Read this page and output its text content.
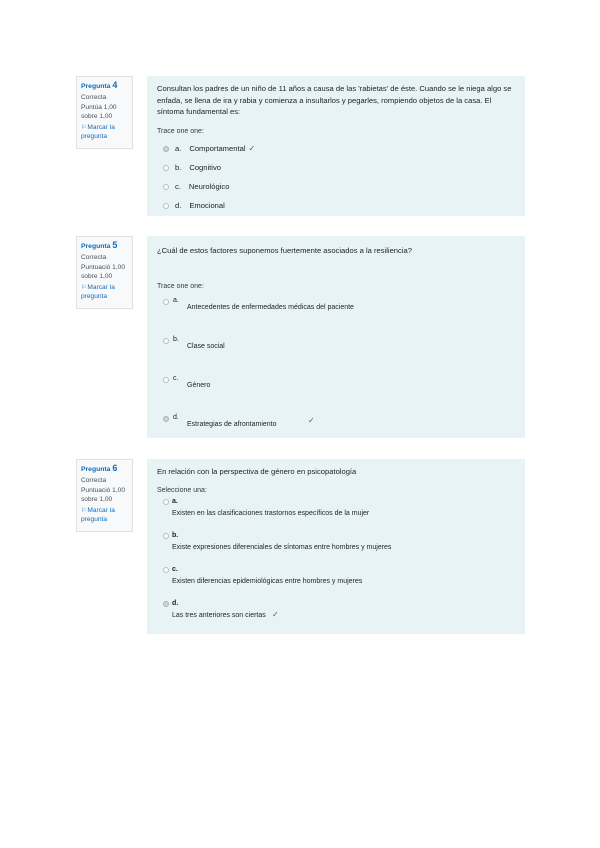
Pregunta 4
Correcta
Puntúa 1,00 sobre 1,00
⚐Marcar la pregunta

Consultan los padres de un niño de 11 años a causa de las 'rabietas' de éste. Cuando se le niega algo se enfada, se llena de ira y rabia y comienza a insultarlos y pegarles, rompiendo objetos de la casa. El síntoma fundamental es:

Trace one one:
a. Comportamental ✓
b. Cognitivo
c. Neurológico
d. Emocional
Pregunta 5
Correcta
Puntuació 1,00 sobre 1,00
⚐Marcar la pregunta

¿Cuál de estos factores suponemos fuertemente asociados a la resiliencia?

Trace one one:
a.
Antecedentes de enfermedades médicas del paciente
b.
Clase social
c.
Género
d.
Estrategias de afrontamiento	✓
Pregunta 6
Correcta
Puntuació 1,00 sobre 1,00
⚐Marcar la pregunta

En relación con la perspectiva de género en psicopatología

Seleccione una:
a.
Existen en las clasificaciones trastornos específicos de la mujer
b.
Existe expresiones diferenciales de síntomas entre hombres y mujeres
c.
Existen diferencias epidemiológicas entre hombres y mujeres
d.
Las tres anteriores son ciertas ✓
